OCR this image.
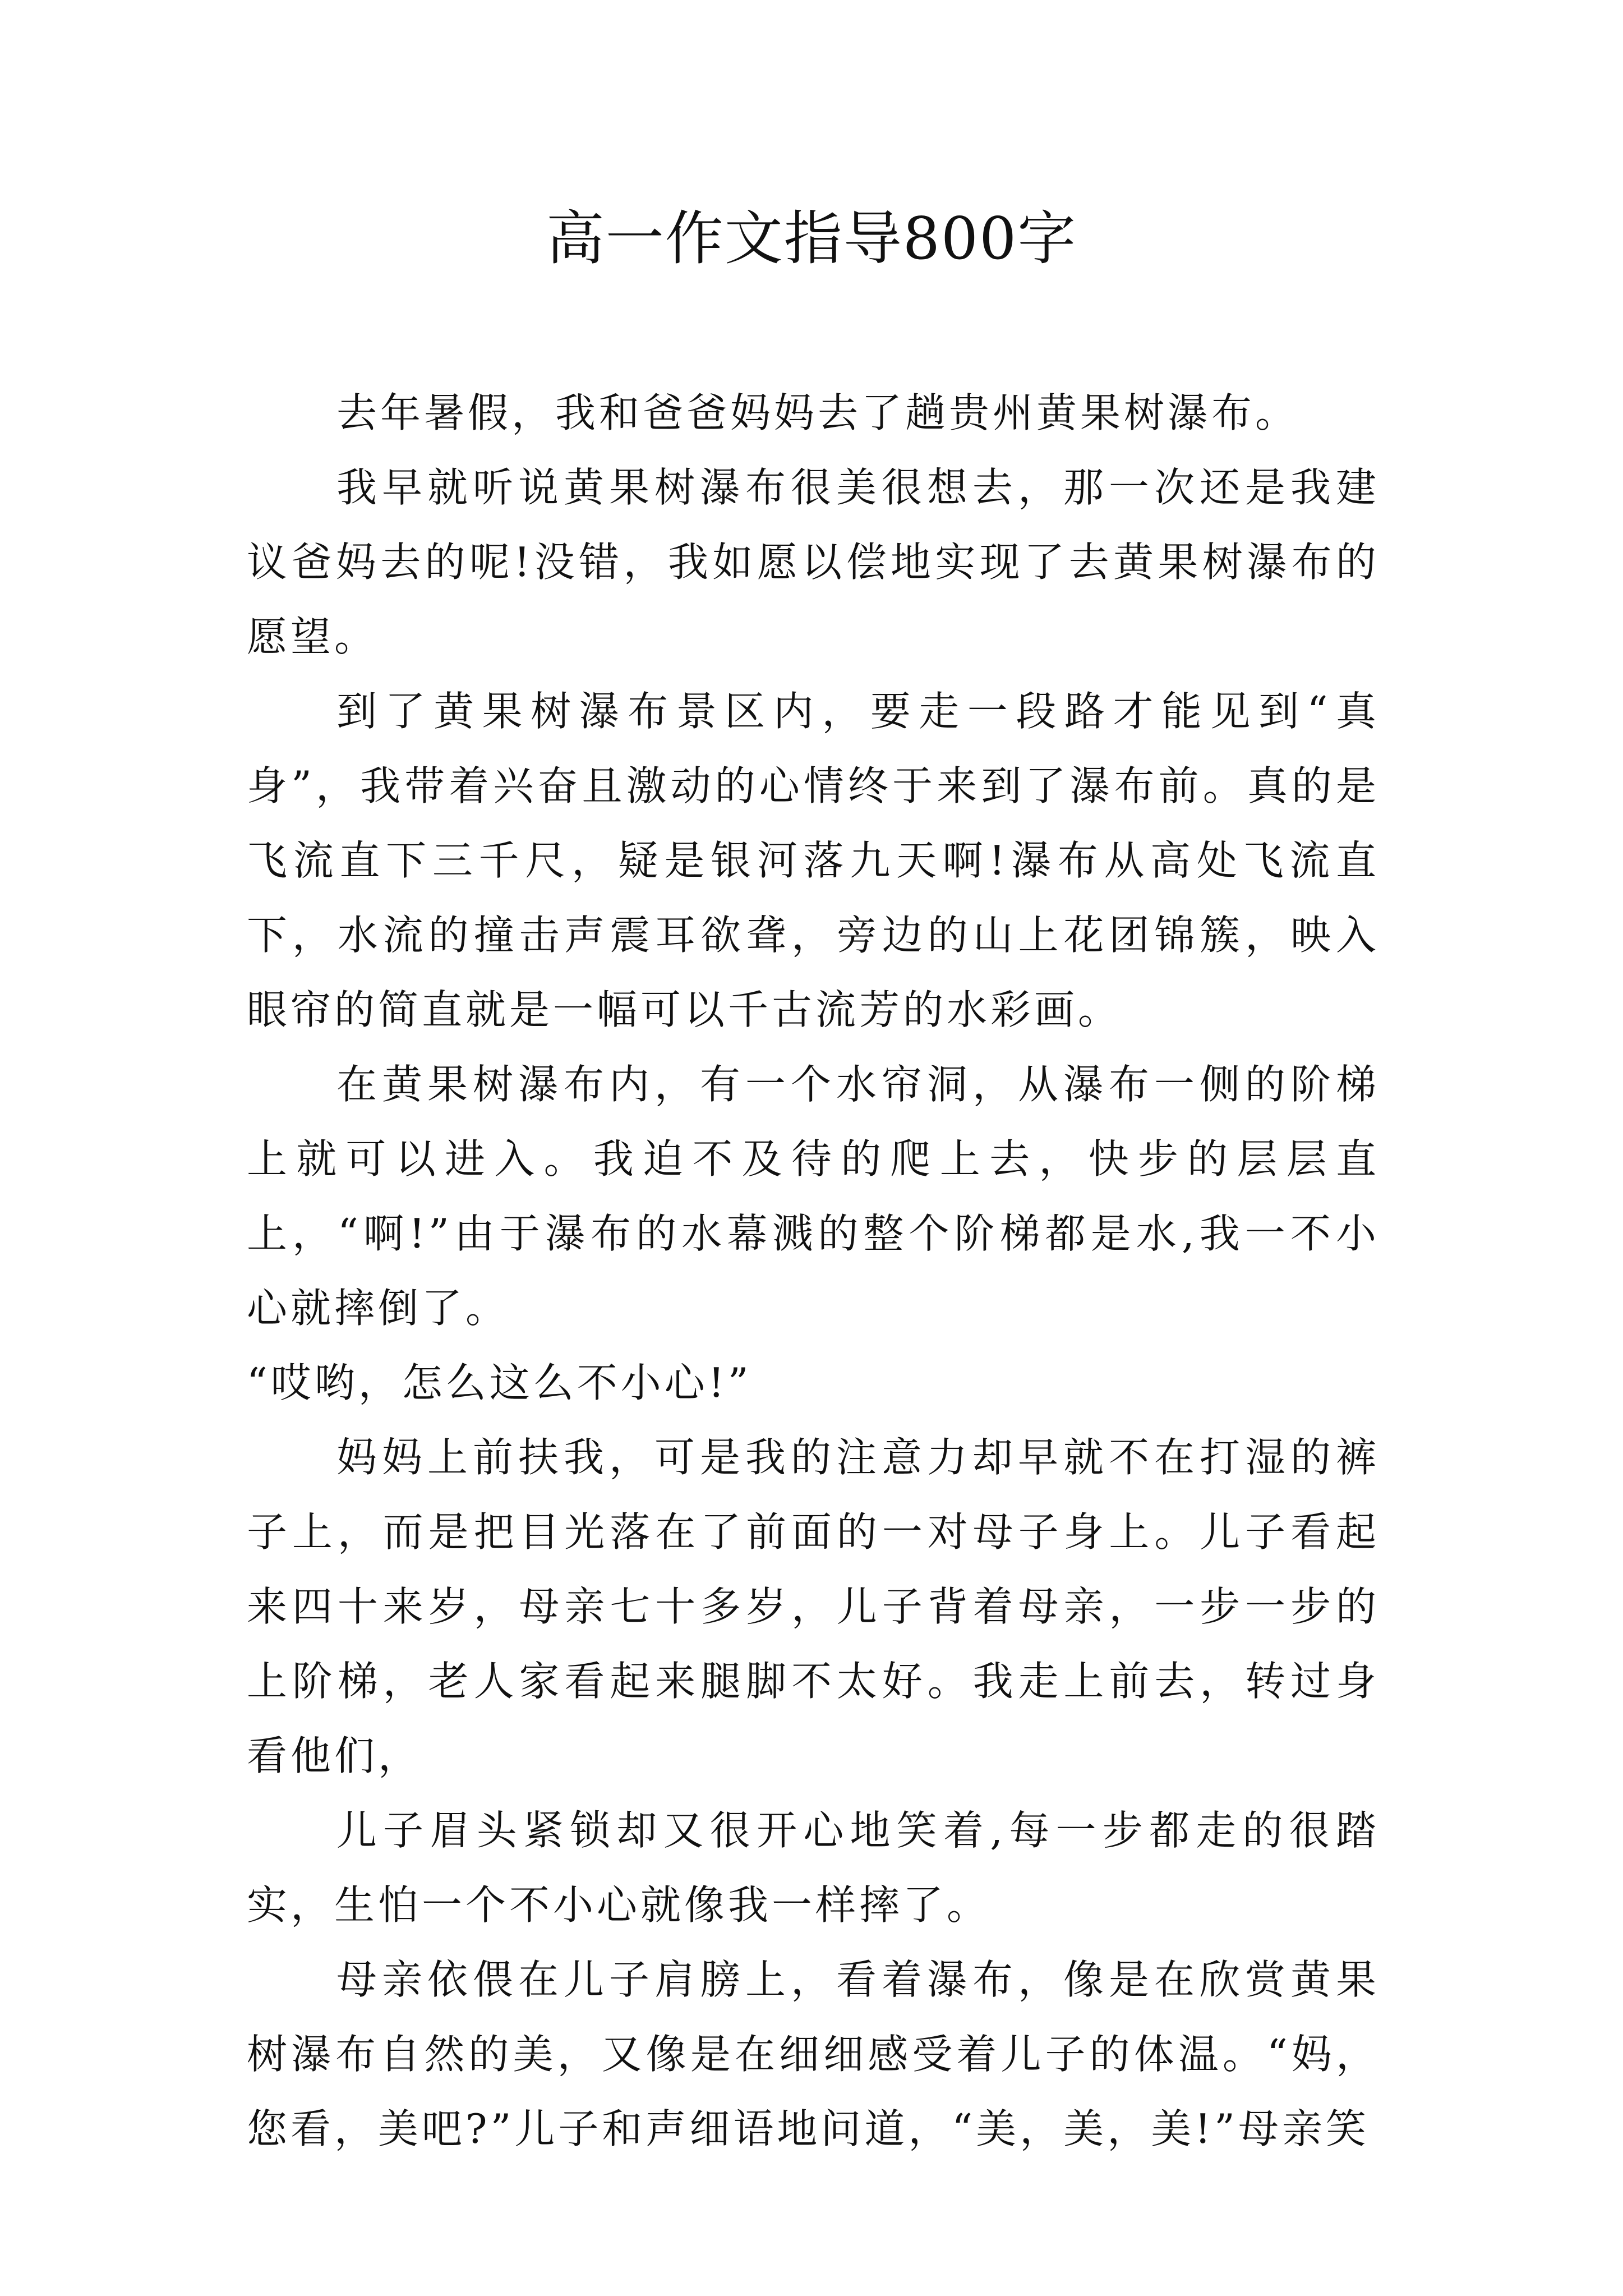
高一作文指导800字

去年暑假，我和爸爸妈妈去了趟贵州黄果树瀑布。

我早就听说黄果树瀑布很美很想去，那一次还是我建议爸妈去的呢!没错，我如愿以偿地实现了去黄果树瀑布的愿望。

到了黄果树瀑布景区内，要走一段路才能见到“真身”，我带着兴奋且激动的心情终于来到了瀑布前。真的是飞流直下三千尺，疑是银河落九天啊!瀑布从高处飞流直下，水流的撞击声震耳欲聋，旁边的山上花团锦簇，映入眼帘的简直就是一幅可以千古流芳的水彩画。

在黄果树瀑布内，有一个水帘洞，从瀑布一侧的阶梯上就可以进入。我迫不及待的爬上去，快步的层层直上，“啊!”由于瀑布的水幕溅的整个阶梯都是水,我一不小心就摔倒了。

“哎哟，怎么这么不小心!”

妈妈上前扶我，可是我的注意力却早就不在打湿的裤子上，而是把目光落在了前面的一对母子身上。儿子看起来四十来岁，母亲七十多岁，儿子背着母亲，一步一步的上阶梯，老人家看起来腿脚不太好。我走上前去，转过身看他们，

儿子眉头紧锁却又很开心地笑着,每一步都走的很踏实，生怕一个不小心就像我一样摔了。

母亲依偎在儿子肩膀上，看着瀑布，像是在欣赏黄果树瀑布自然的美，又像是在细细感受着儿子的体温。“妈，您看，美吧?”儿子和声细语地问道，“美，美，美!”母亲笑
